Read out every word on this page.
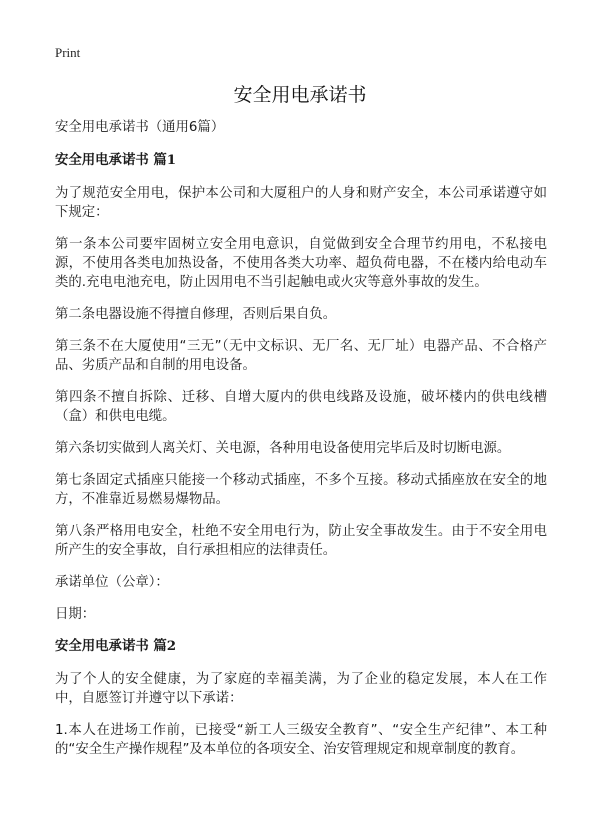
Print
安全用电承诺书

安全用电承诺书（通用6篇）

安全用电承诺书 篇1

为了规范安全用电，保护本公司和大厦租户的人身和财产安全，本公司承诺遵守如下规定：

第一条本公司要牢固树立安全用电意识，自觉做到安全合理节约用电，不私接电源，不使用各类电加热设备，不使用各类大功率、超负荷电器，不在楼内给电动车类的.充电电池充电，防止因用电不当引起触电或火灾等意外事故的发生。

第二条电器设施不得擅自修理，否则后果自负。

第三条不在大厦使用“三无”（无中文标识、无厂名、无厂址）电器产品、不合格产品、劣质产品和自制的用电设备。

第四条不擅自拆除、迁移、自增大厦内的供电线路及设施，破坏楼内的供电线槽（盒）和供电电缆。

第六条切实做到人离关灯、关电源，各种用电设备使用完毕后及时切断电源。

第七条固定式插座只能接一个移动式插座，不多个互接。移动式插座放在安全的地方，不准靠近易燃易爆物品。

第八条严格用电安全，杜绝不安全用电行为，防止安全事故发生。由于不安全用电所产生的安全事故，自行承担相应的法律责任。

承诺单位（公章）：

日期：

安全用电承诺书 篇2

为了个人的安全健康，为了家庭的幸福美满，为了企业的稳定发展，本人在工作中，自愿签订并遵守以下承诺：

1.本人在进场工作前，已接受“新工人三级安全教育”、“安全生产纪律”、本工种的“安全生产操作规程”及本单位的各项安全、治安管理规定和规章制度的教育。
